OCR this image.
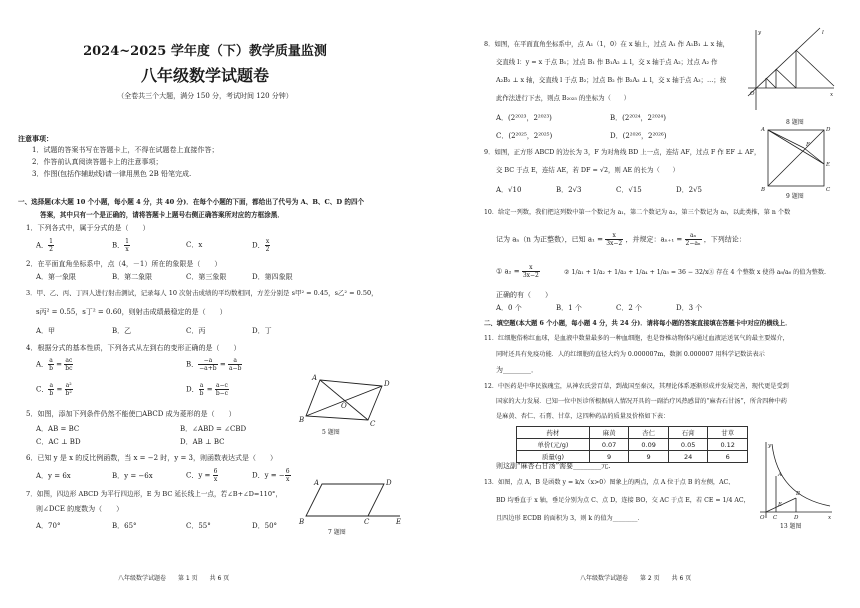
2024~2025 学年度（下）教学质量监测
八年级数学试题卷
（全卷共三个大题，满分 150 分，考试时间 120 分钟）
注意事项：
1．试题的答案书写在答题卡上，不得在试题卷上直接作答；
2．作答前认真阅读答题卡上的注意事项；
3．作图(包括作辅助线)请一律用黑色 2B 铅笔完成.
一、选择题(本大题 10 个小题，每小题 4 分，共 40 分)．在每个小题的下面，都给出了代号为 A、B、C、D 的四个
答案，其中只有一个是正确的，请将答题卡上题号右侧正确答案所对应的方框涂黑．
1．下列各式中，属于分式的是（　　）
A． $\frac{1}{2}$	B． $\frac{1}{x}$	C．x	D． $\frac{x}{2}$
2．在平面直角坐标系中，点（4，－1）所在的象限是（　　）
A．第一象限	B．第二象限	C．第三象限	D．第四象限
3．甲、乙、丙、丁四人进行射击测试，记录每人 10 次射击成绩的平均数相同，方差分别是 s甲² = 0.45，s乙² = 0.50，
s丙² = 0.55，s丁² = 0.60，则射击成绩最稳定的是（　　）
A．甲	B．乙	C．丙	D．丁
4．根据分式的基本性质，下列各式从左到右的变形正确的是（　　）
A． $\frac{a}{b} = \frac{ac}{bc}$	B． $\frac{-a}{-a+b} = \frac{a}{a-b}$
C． $\frac{a}{b} = \frac{\text{a²}}{\text{b²}}$	D． $\frac{a}{b} = \frac{a-c}{b-c}$
5．如图，添加下列条件仍然不能使□ABCD 成为菱形的是（　　）
A．AB = BC	B．∠ABD = ∠CBD
C．AC ⊥ BD	D．AB ⊥ BC
A
D
C
B
O
5 题图
6．已知 y 是 x 的反比例函数，当 x = −2 时，y = 3，则函数表达式是（　　）
A．y = 6x	B．y = −6x	C．$y = \frac{6}{x}$	D．y = − $\frac{6}{x}$
7．如图，四边形 ABCD 为平行四边形，E 为 BC 延长线上一点，若∠B+∠D=110°，
则∠DCE 的度数为（　　）
A．70°	B．65°	C．55°	D．50°
A	D
B	C	E
7 题图
八年级数学试题卷　　第 1 页　　共 6 页
8．如图，在平面直角坐标系中，点 A₁（1，0）在 x 轴上，过点 A₁ 作 A₁B₁ ⊥ x 轴，
交直线 l：y = x 于点 B₁；过点 B₁ 作 B₁A₂ ⊥ l，交 x 轴于点 A₂；过点 A₂ 作
A₂B₂ ⊥ x 轴，交直线 l 于点 B₂；过点 B₂ 作 B₂A₃ ⊥ l，交 x 轴于点 A₃；…；按
此作法进行下去，则点 B₂₀₂₅ 的坐标为（　　）
A．(2²⁰²³，2²⁰²³)	B．(2²⁰²⁴，2²⁰²⁴)
C．(2²⁰²⁵，2²⁰²⁵)	D．(2²⁰²⁶，2²⁰²⁶)
l
x
y
O
8 题图
9．如图，正方形 ABCD 的边长为 3，F 为对角线 BD 上一点，连结 AF，过点 F 作 EF ⊥ AF，
交 BC 于点 E，连结 AE，若 DF = √2，则 AE 的长为（　　）
A．√10	B．2√3	C．√15	D．2√5
A	D
B	C
F
E
9 题图
10．给定一列数，我们把这列数中第一个数记为 a₁，第二个数记为 a₂，第三个数记为 a₃，以此类推，第 n 个数
记为 aₙ（n 为正整数），已知 $a_1 = \frac{x}{3x-2}$ ，并规定：$a_{n+1} = \frac{\text{aₙ}}{\text{2−aₙ}}$ ，下列结论：
① $a_2 = \frac{x}{3x-2}$	② 1/a₁ + 1/a₂ + 1/a₃ + 1/a₄ + 1/a₅ = 36 − 32/x ③ 存在 4 个整数 x 使得 a₈/a₆ 的值为整数.
正确的有（　　）
A．0 个	B．1 个	C．2 个	D．3 个
二、填空题(本大题 6 个小题，每小题 4 分，共 24 分)．请将每小题的答案直接填在答题卡中对应的横线上．
11．红细胞俗称红血球，是血液中数量最多的一种血细胞，也是脊椎动物体内通过血液运送氧气的最主要媒介，
同时还具有免疫功能．人的红细胞的直径大约为 0.000007m，数据 0.000007 用科学记数法表示
为________．
12．中医药是中华民族瑰宝，从神农氏尝百草，到战国至秦汉，其理论体系逐渐形成并发展完善，现代更是受到
国家的大力发展．已知一位中医诊所根据病人情况开具的一副治疗风热感冒的“麻杏石甘汤”，所含四种中药
是麻黄、杏仁、石膏、甘草，这四种药品的质量及价格如下表：
药材	麻黄	杏仁	石膏	甘草
单价(元/g)	0.07	0.09	0.05	0.12
质量(g)	9	9	24	6
则这副“麻杏石甘汤”需要________元.
13．如图，点 A，B 是函数 y = k/x（x>0）图象上的两点，点 A 位于点 B 的左侧，AC、
BD 均垂直于 x 轴，垂足分别为点 C、点 D，连接 BO，交 AC 于点 E，若 CE = 1/4 AC，
且四边形 ECDB 的面积为 3，则 k 的值为________．
y
x
O
A
B
C	D
E
13 题图
八年级数学试题卷　　第 2 页　　共 6 页
